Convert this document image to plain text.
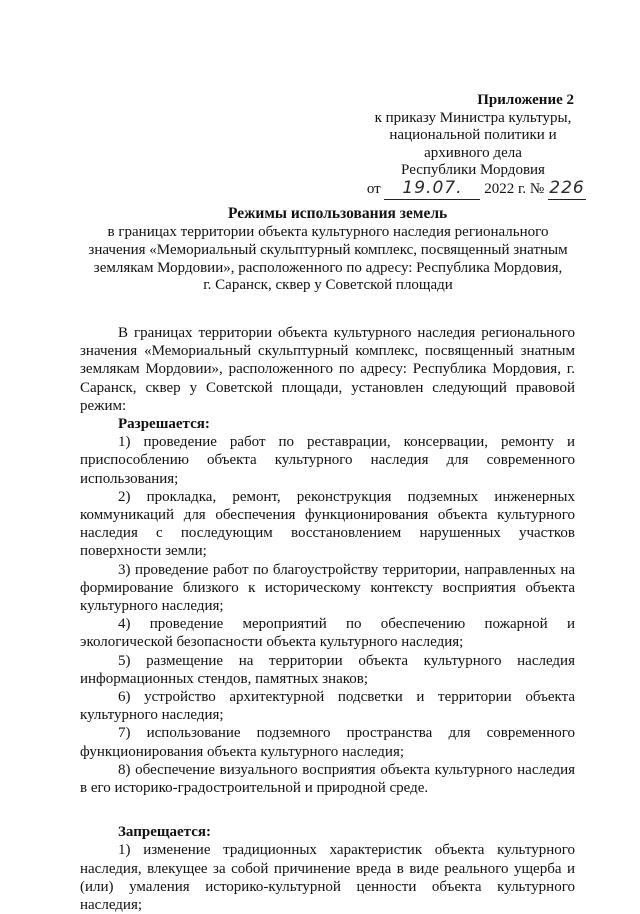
Приложение 2
к приказу Министра культуры,
национальной политики и
архивного дела
Республики Мордовия
от 19.07. 2022 г. № 226
Режимы использования земель
в границах территории объекта культурного наследия регионального
значения «Мемориальный скульптурный комплекс, посвященный знатным
землякам Мордовии», расположенного по адресу: Республика Мордовия,
г. Саранск, сквер у Советской площади

В границах территории объекта культурного наследия регионального значения «Мемориальный скульптурный комплекс, посвященный знатным землякам Мордовии», расположенного по адресу: Республика Мордовия, г. Саранск, сквер у Советской площади, установлен следующий правовой режим:

Разрешается:

1) проведение работ по реставрации, консервации, ремонту и приспособлению объекта культурного наследия для современного использования;

2) прокладка, ремонт, реконструкция подземных инженерных коммуникаций для обеспечения функционирования объекта культурного наследия с последующим восстановлением нарушенных участков поверхности земли;

3) проведение работ по благоустройству территории, направленных на формирование близкого к историческому контексту восприятия объекта культурного наследия;

4) проведение мероприятий по обеспечению пожарной и экологической безопасности объекта культурного наследия;

5) размещение на территории объекта культурного наследия информационных стендов, памятных знаков;

6) устройство архитектурной подсветки и территории объекта культурного наследия;

7) использование подземного пространства для современного функционирования объекта культурного наследия;

8) обеспечение визуального восприятия объекта культурного наследия в его историко-градостроительной и природной среде.

Запрещается:

1) изменение традиционных характеристик объекта культурного наследия, влекущее за собой причинение вреда в виде реального ущерба и (или) умаления историко-культурной ценности объекта культурного наследия;
